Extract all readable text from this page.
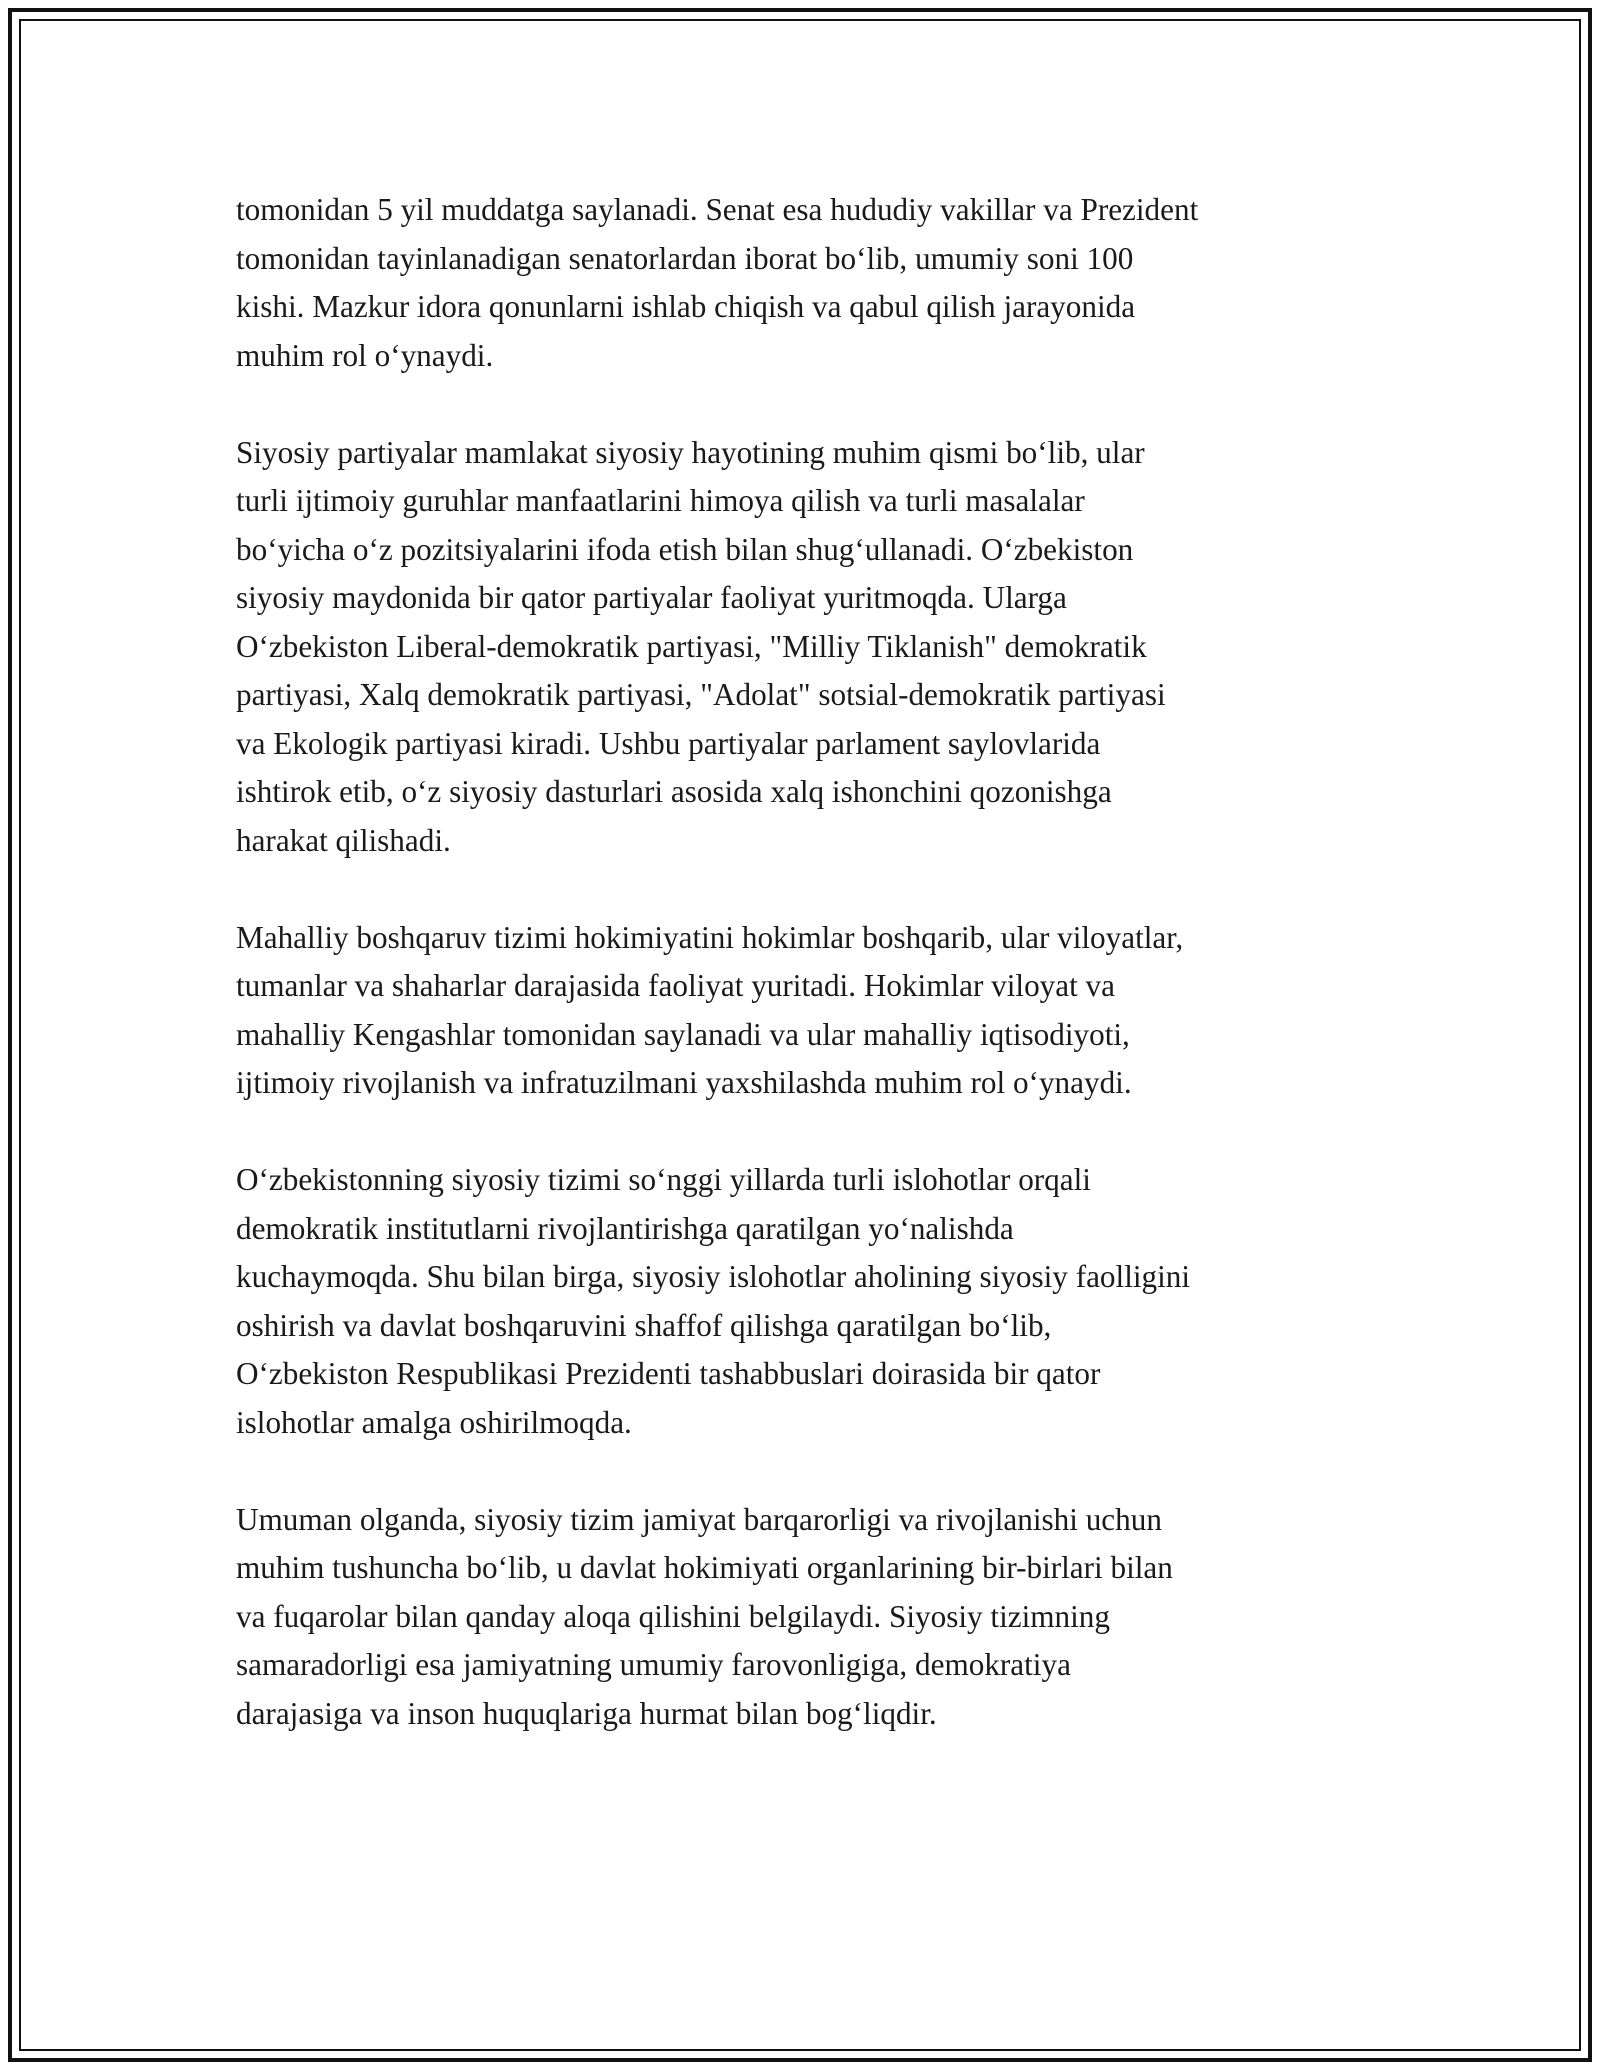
tomonidan 5 yil muddatga saylanadi. Senat esa hududiy vakillar va Prezident
tomonidan tayinlanadigan senatorlardan iborat bo‘lib, umumiy soni 100
kishi. Mazkur idora qonunlarni ishlab chiqish va qabul qilish jarayonida
muhim rol o‘ynaydi.

Siyosiy partiyalar mamlakat siyosiy hayotining muhim qismi bo‘lib, ular
turli ijtimoiy guruhlar manfaatlarini himoya qilish va turli masalalar
bo‘yicha o‘z pozitsiyalarini ifoda etish bilan shug‘ullanadi. O‘zbekiston
siyosiy maydonida bir qator partiyalar faoliyat yuritmoqda. Ularga
O‘zbekiston Liberal-demokratik partiyasi, "Milliy Tiklanish" demokratik
partiyasi, Xalq demokratik partiyasi, "Adolat" sotsial-demokratik partiyasi
va Ekologik partiyasi kiradi. Ushbu partiyalar parlament saylovlarida
ishtirok etib, o‘z siyosiy dasturlari asosida xalq ishonchini qozonishga
harakat qilishadi.

Mahalliy boshqaruv tizimi hokimiyatini hokimlar boshqarib, ular viloyatlar,
tumanlar va shaharlar darajasida faoliyat yuritadi. Hokimlar viloyat va
mahalliy Kengashlar tomonidan saylanadi va ular mahalliy iqtisodiyoti,
ijtimoiy rivojlanish va infratuzilmani yaxshilashda muhim rol o‘ynaydi.

O‘zbekistonning siyosiy tizimi so‘nggi yillarda turli islohotlar orqali
demokratik institutlarni rivojlantirishga qaratilgan yo‘nalishda
kuchaymoqda. Shu bilan birga, siyosiy islohotlar aholining siyosiy faolligini
oshirish va davlat boshqaruvini shaffof qilishga qaratilgan bo‘lib,
O‘zbekiston Respublikasi Prezidenti tashabbuslari doirasida bir qator
islohotlar amalga oshirilmoqda.

Umuman olganda, siyosiy tizim jamiyat barqarorligi va rivojlanishi uchun
muhim tushuncha bo‘lib, u davlat hokimiyati organlarining bir-birlari bilan
va fuqarolar bilan qanday aloqa qilishini belgilaydi. Siyosiy tizimning
samaradorligi esa jamiyatning umumiy farovonligiga, demokratiya
darajasiga va inson huquqlariga hurmat bilan bog‘liqdir.
